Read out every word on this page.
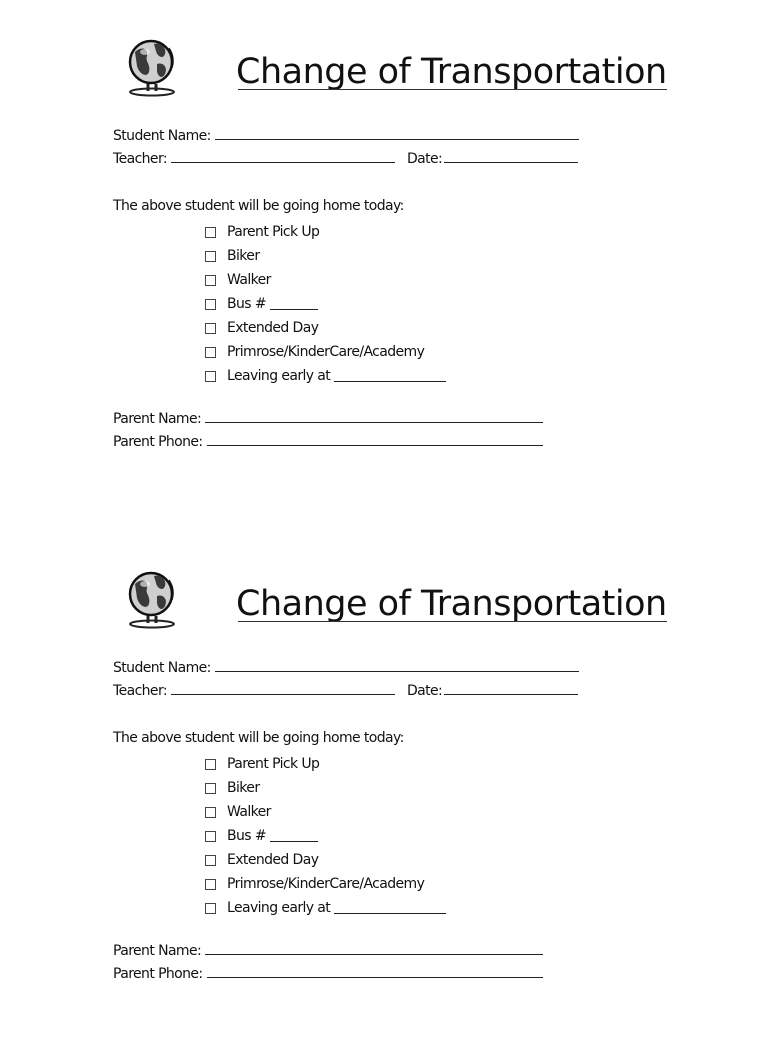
Change of Transportation
Student Name:
Teacher:	Date:
The above student will be going home today:
Parent Pick Up
Biker
Walker
Bus #
Extended Day
Primrose/KinderCare/Academy
Leaving early at
Parent Name:
Parent Phone:
Change of Transportation
Student Name:
Teacher:	Date:
The above student will be going home today:
Parent Pick Up
Biker
Walker
Bus #
Extended Day
Primrose/KinderCare/Academy
Leaving early at
Parent Name:
Parent Phone:
